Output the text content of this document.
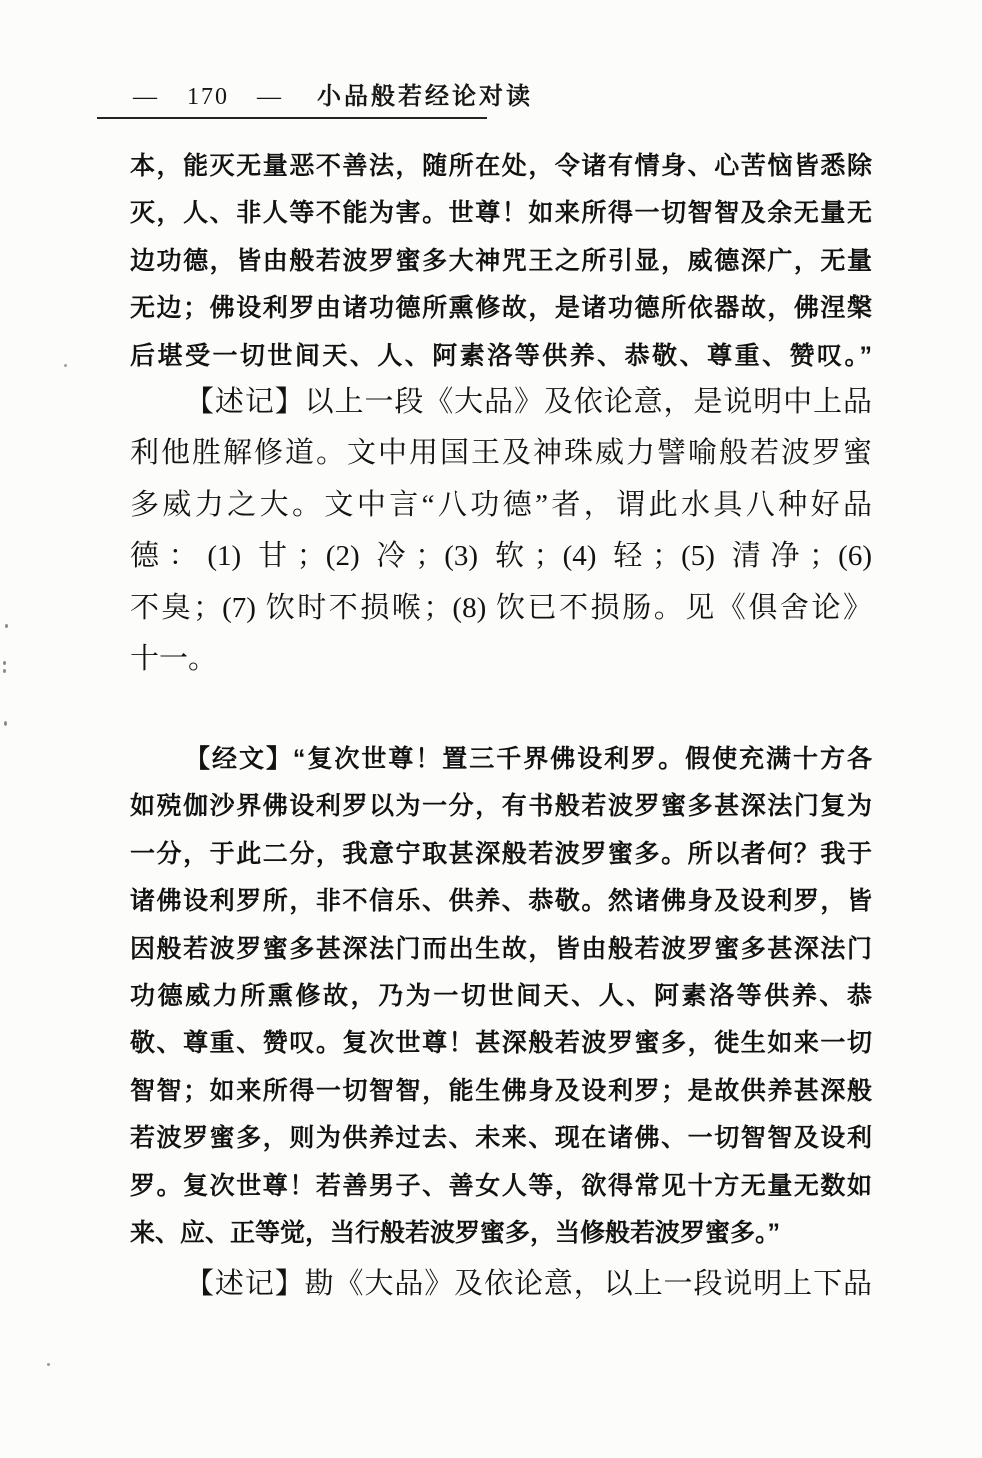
— 170 — 小品般若经论对读
本，能灭无量恶不善法，随所在处，令诸有情身、心苦恼皆悉除
灭，人、非人等不能为害。世尊！如来所得一切智智及余无量无
边功德，皆由般若波罗蜜多大神咒王之所引显，威德深广，无量
无边；佛设利罗由诸功德所熏修故，是诸功德所依器故，佛涅槃
后堪受一切世间天、人、阿素洛等供养、恭敬、尊重、赞叹。”
【述记】以上一段《大品》及依论意，是说明中上品
利他胜解修道。文中用国王及神珠威力譬喻般若波罗蜜
多威力之大。文中言“八功德”者，谓此水具八种好品
德：(1) 甘；(2) 冷；(3) 软；(4) 轻；(5) 清净；(6)
不臭；(7) 饮时不损喉；(8) 饮已不损肠。见《俱舍论》
十一。
【经文】“复次世尊！置三千界佛设利罗。假使充满十方各
如殑伽沙界佛设利罗以为一分，有书般若波罗蜜多甚深法门复为
一分，于此二分，我意宁取甚深般若波罗蜜多。所以者何？我于
诸佛设利罗所，非不信乐、供养、恭敬。然诸佛身及设利罗，皆
因般若波罗蜜多甚深法门而出生故，皆由般若波罗蜜多甚深法门
功德威力所熏修故，乃为一切世间天、人、阿素洛等供养、恭
敬、尊重、赞叹。复次世尊！甚深般若波罗蜜多，徙生如来一切
智智；如来所得一切智智，能生佛身及设利罗；是故供养甚深般
若波罗蜜多，则为供养过去、未来、现在诸佛、一切智智及设利
罗。复次世尊！若善男子、善女人等，欲得常见十方无量无数如
来、应、正等觉，当行般若波罗蜜多，当修般若波罗蜜多。”
【述记】勘《大品》及依论意，以上一段说明上下品
